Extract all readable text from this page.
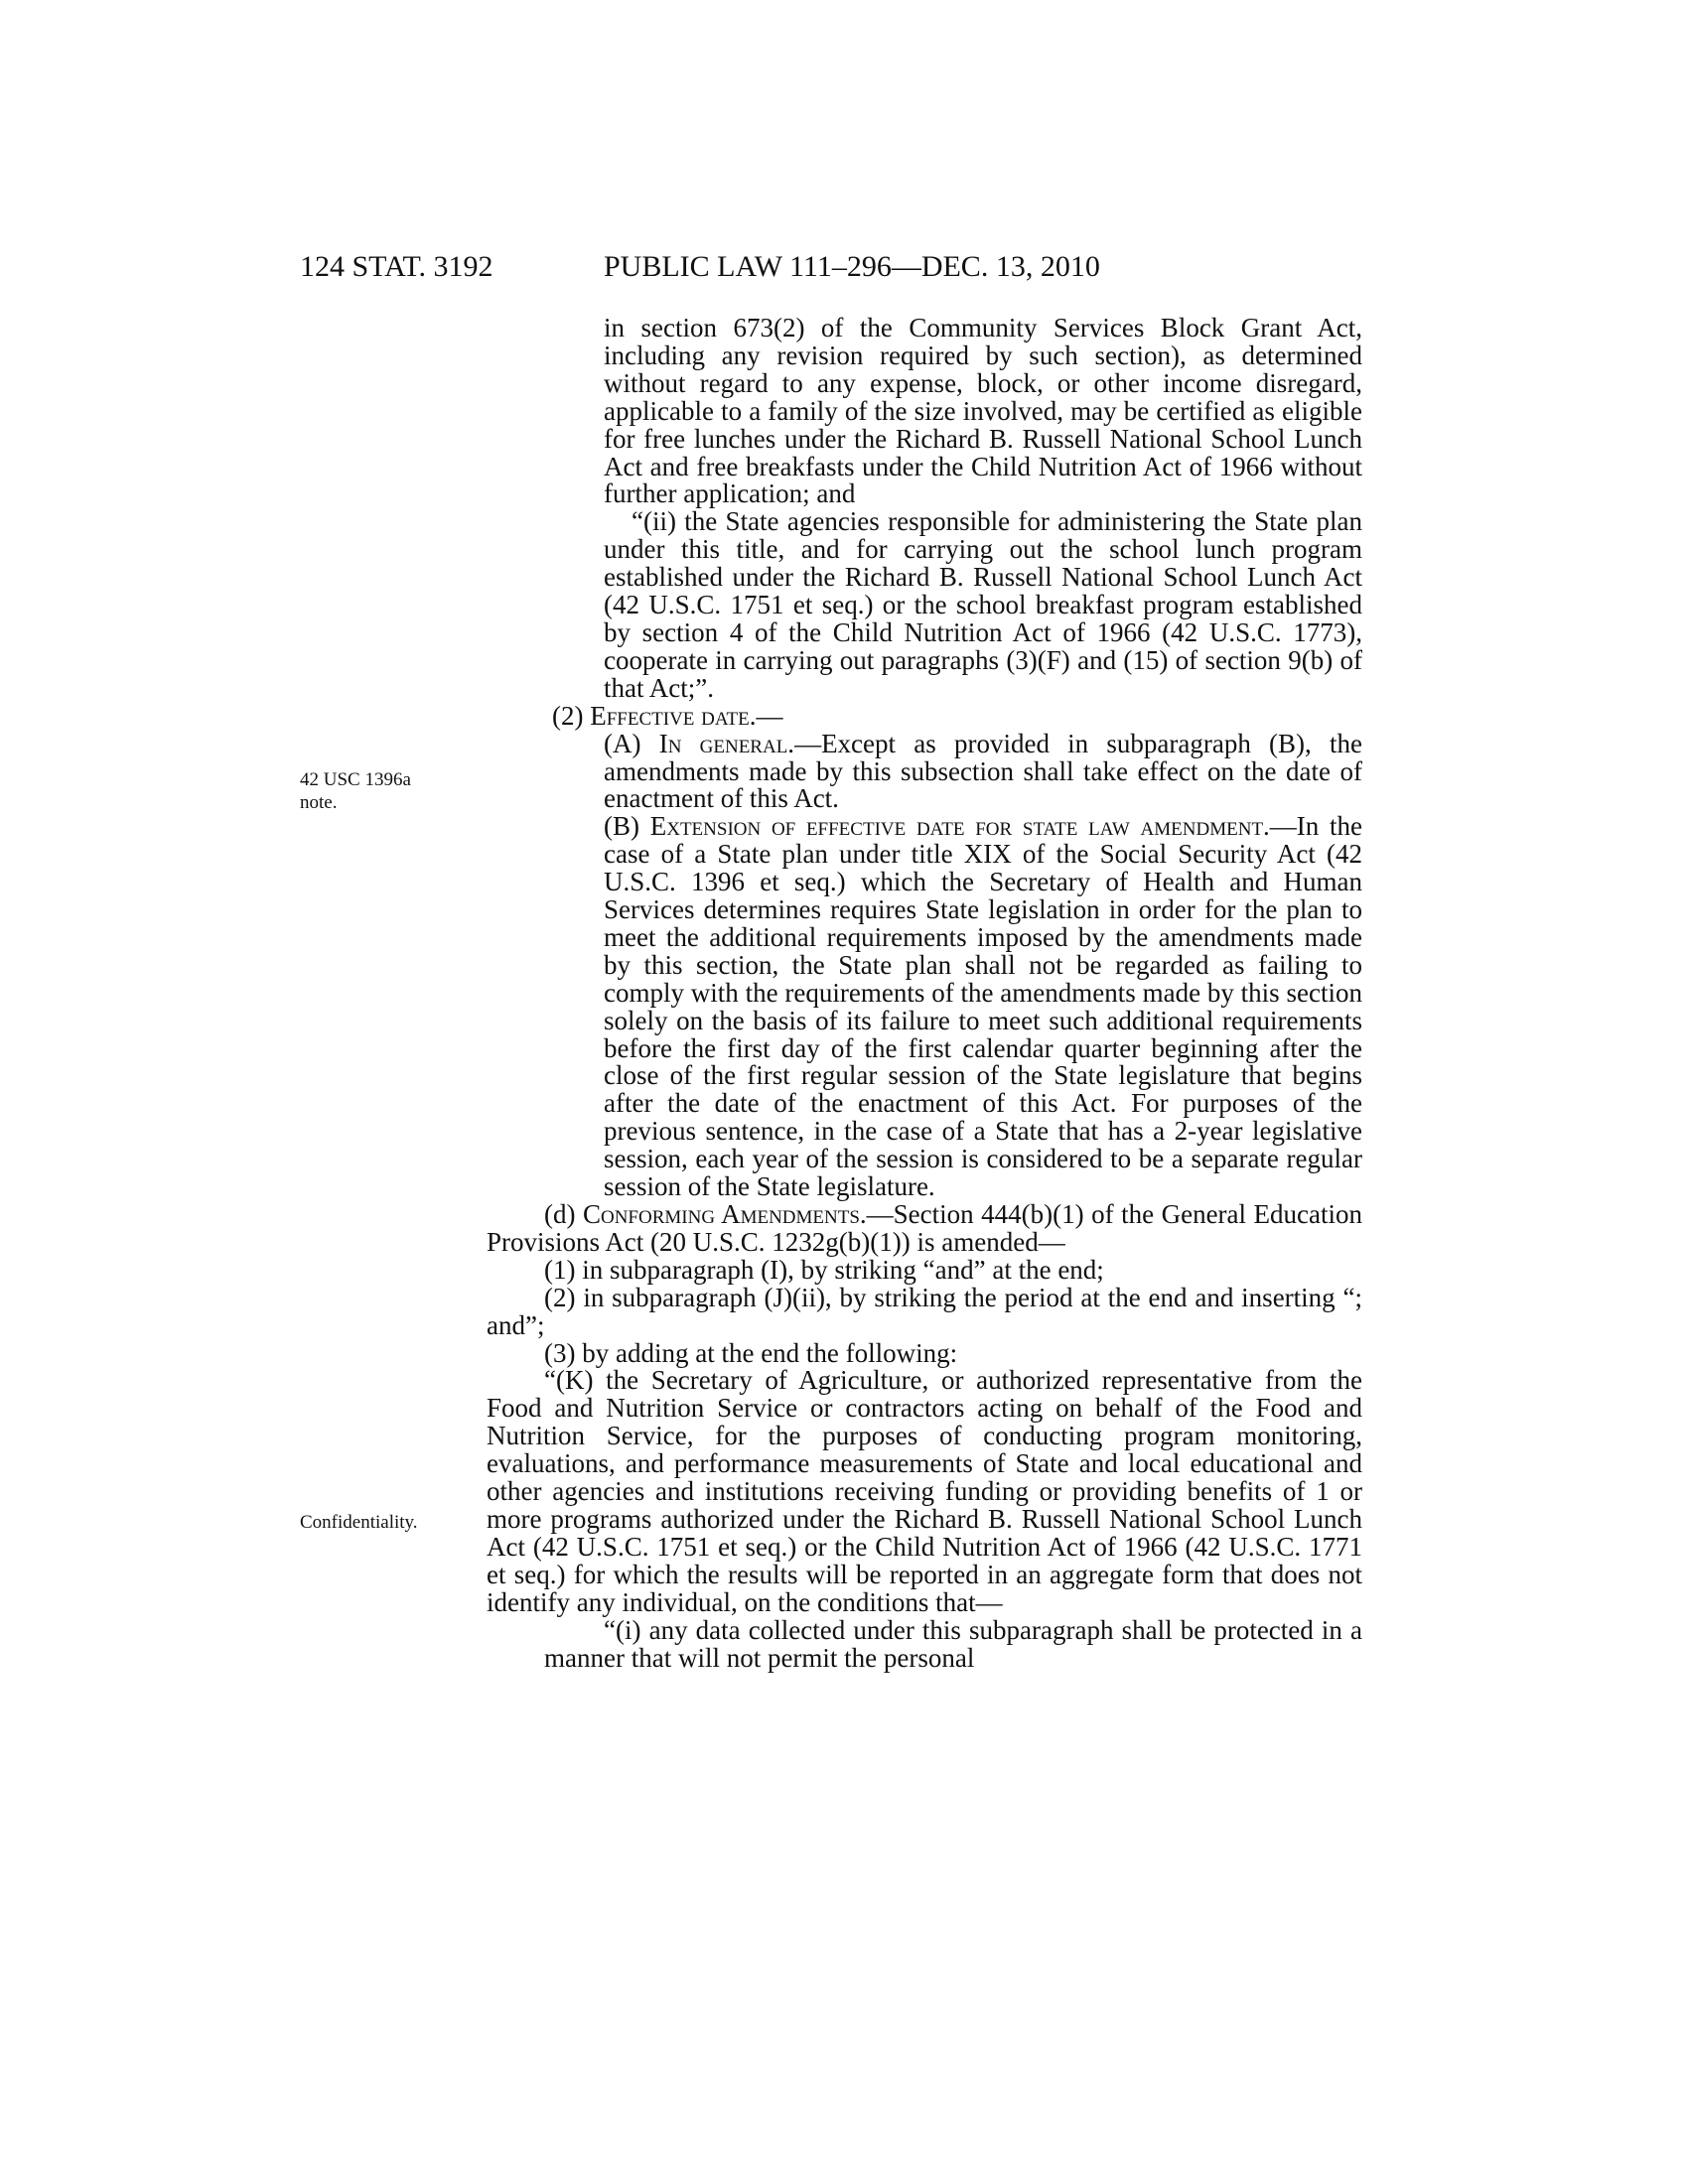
124 STAT. 3192	PUBLIC LAW 111–296—DEC. 13, 2010
42 USC 1396a
note.
Confidentiality.

in section 673(2) of the Community Services Block Grant Act, including any revision required by such section), as determined without regard to any expense, block, or other income disregard, applicable to a family of the size involved, may be certified as eligible for free lunches under the Richard B. Russell National School Lunch Act and free breakfasts under the Child Nutrition Act of 1966 without further application; and

“(ii) the State agencies responsible for administering the State plan under this title, and for carrying out the school lunch program established under the Richard B. Russell National School Lunch Act (42 U.S.C. 1751 et seq.) or the school breakfast program established by section 4 of the Child Nutrition Act of 1966 (42 U.S.C. 1773), cooperate in carrying out paragraphs (3)(F) and (15) of section 9(b) of that Act;”.

(2) Effective date.—

(A) In general.—Except as provided in subparagraph (B), the amendments made by this subsection shall take effect on the date of enactment of this Act.

(B) Extension of effective date for state law amendment.—In the case of a State plan under title XIX of the Social Security Act (42 U.S.C. 1396 et seq.) which the Secretary of Health and Human Services determines requires State legislation in order for the plan to meet the additional requirements imposed by the amendments made by this section, the State plan shall not be regarded as failing to comply with the requirements of the amendments made by this section solely on the basis of its failure to meet such additional requirements before the first day of the first calendar quarter beginning after the close of the first regular session of the State legislature that begins after the date of the enactment of this Act. For purposes of the previous sentence, in the case of a State that has a 2-year legislative session, each year of the session is considered to be a separate regular session of the State legislature.

(d) Conforming Amendments.—Section 444(b)(1) of the General Education Provisions Act (20 U.S.C. 1232g(b)(1)) is amended—

(1) in subparagraph (I), by striking “and” at the end;

(2) in subparagraph (J)(ii), by striking the period at the end and inserting “; and”;

(3) by adding at the end the following:

“(K) the Secretary of Agriculture, or authorized representative from the Food and Nutrition Service or contractors acting on behalf of the Food and Nutrition Service, for the purposes of conducting program monitoring, evaluations, and performance measurements of State and local educational and other agencies and institutions receiving funding or providing benefits of 1 or more programs authorized under the Richard B. Russell National School Lunch Act (42 U.S.C. 1751 et seq.) or the Child Nutrition Act of 1966 (42 U.S.C. 1771 et seq.) for which the results will be reported in an aggregate form that does not identify any individual, on the conditions that—

“(i) any data collected under this subparagraph shall be protected in a manner that will not permit the personal
